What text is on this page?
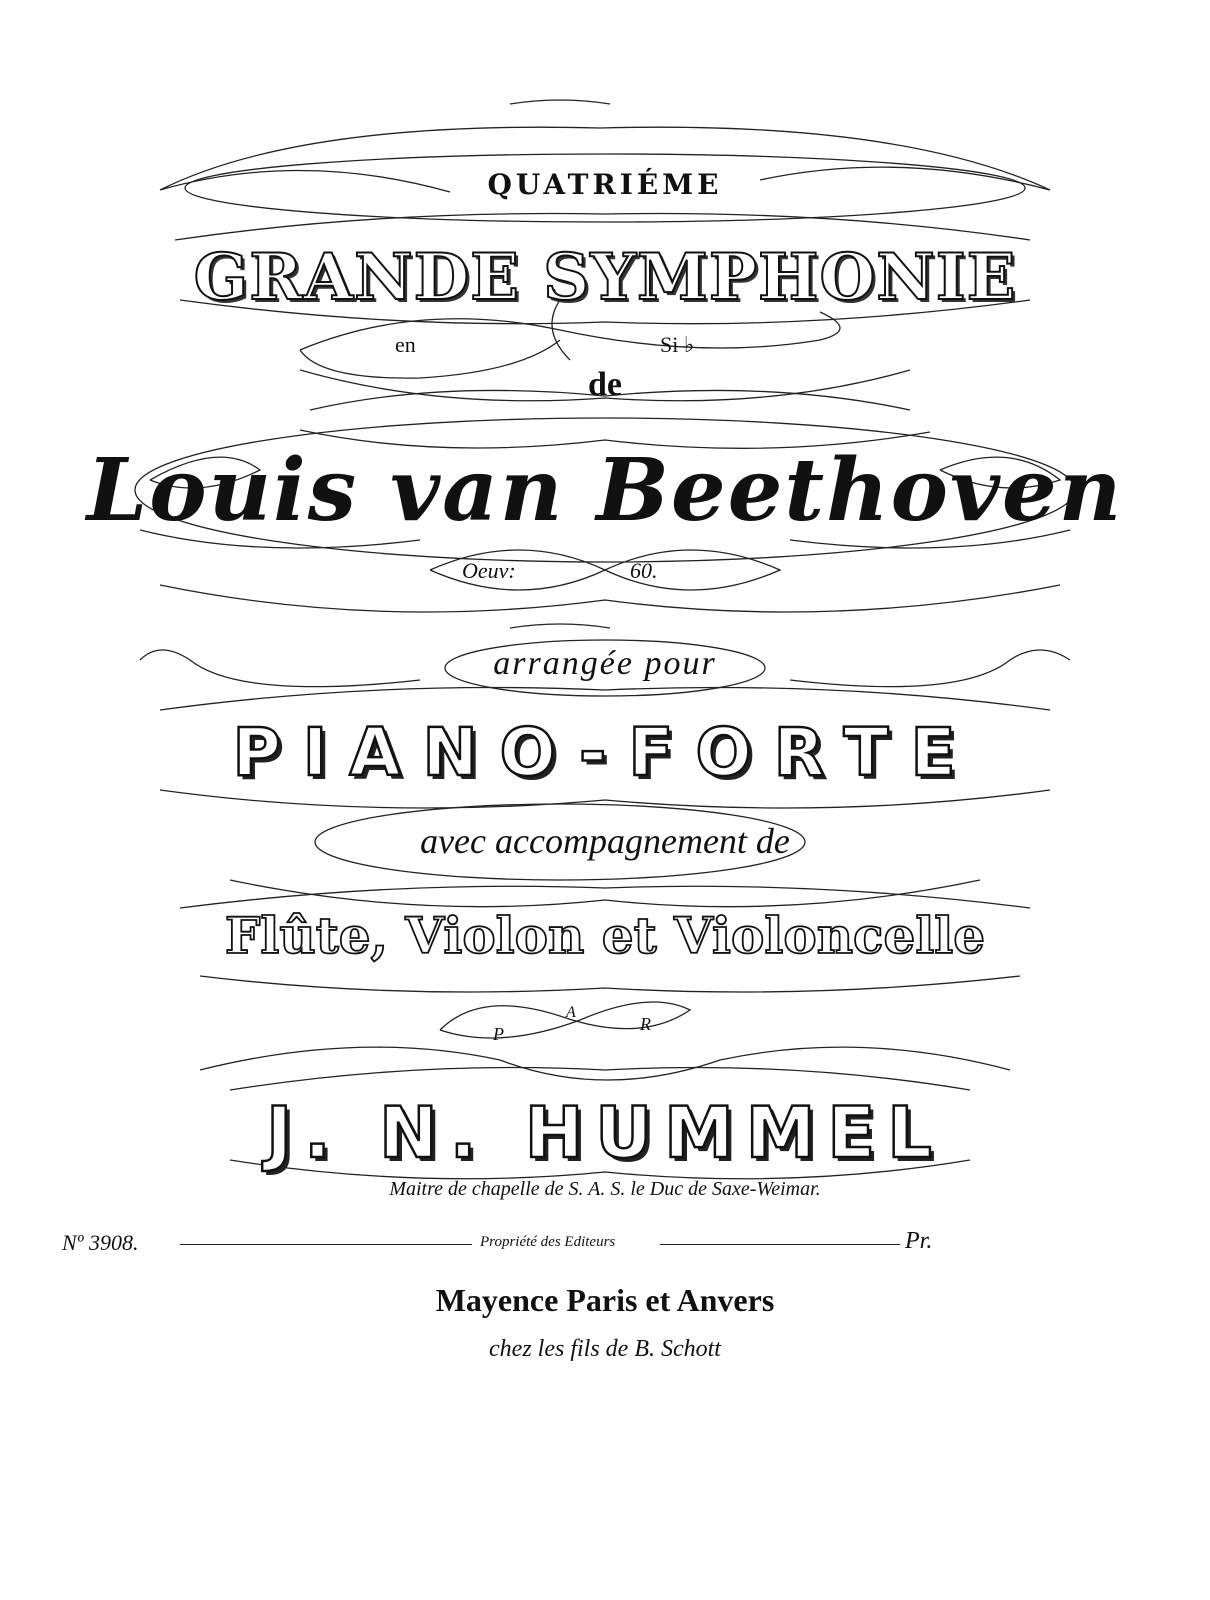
QUATRIÉME
GRANDE SYMPHONIE
en	Si ♭
de
Louis van Beethoven
Oeuv:	60.
arrangée pour
PIANO-FORTE
avec accompagnement de
Flûte, Violon et Violoncelle
P
A
R
J. N. HUMMEL
Maitre de chapelle de S. A. S. le Duc de Saxe-Weimar.
Nº 3908.	Propriété des Editeurs	Pr.
Mayence Paris et Anvers
chez les fils de B. Schott
